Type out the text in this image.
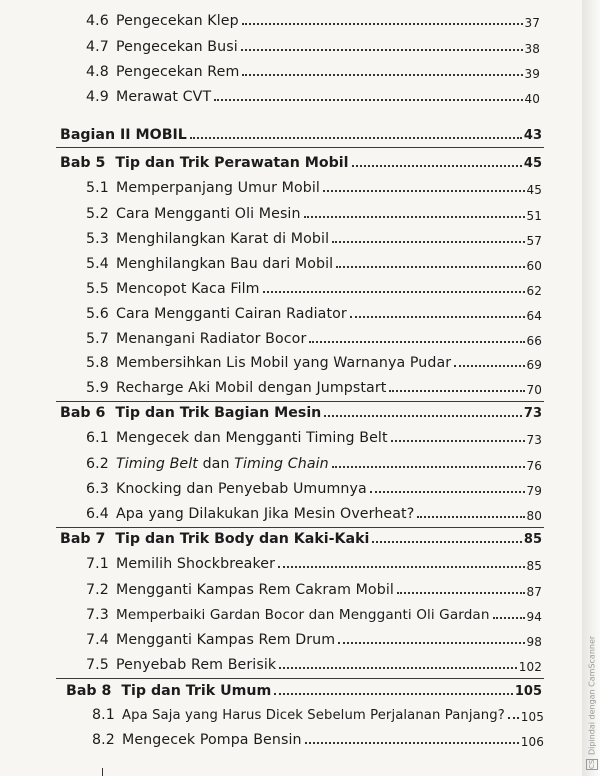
4.6 Pengecekan Klep	37
4.7 Pengecekan Busi	38
4.8 Pengecekan Rem	39
4.9 Merawat CVT	40
Bagian II MOBIL	43
Bab 5 Tip dan Trik Perawatan Mobil	45
5.1 Memperpanjang Umur Mobil	45
5.2 Cara Mengganti Oli Mesin	51
5.3 Menghilangkan Karat di Mobil	57
5.4 Menghilangkan Bau dari Mobil	60
5.5 Mencopot Kaca Film	62
5.6 Cara Mengganti Cairan Radiator	64
5.7 Menangani Radiator Bocor	66
5.8 Membersihkan Lis Mobil yang Warnanya Pudar	69
5.9 Recharge Aki Mobil dengan Jumpstart	70
Bab 6 Tip dan Trik Bagian Mesin	73
6.1 Mengecek dan Mengganti Timing Belt	73
6.2 Timing Belt dan Timing Chain	76
6.3 Knocking dan Penyebab Umumnya	79
6.4 Apa yang Dilakukan Jika Mesin Overheat?	80
Bab 7 Tip dan Trik Body dan Kaki-Kaki	85
7.1 Memilih Shockbreaker	85
7.2 Mengganti Kampas Rem Cakram Mobil	87
7.3 Memperbaiki Gardan Bocor dan Mengganti Oli Gardan	94
7.4 Mengganti Kampas Rem Drum	98
7.5 Penyebab Rem Berisik	102
Bab 8 Tip dan Trik Umum	105
8.1 Apa Saja yang Harus Dicek Sebelum Perjalanan Panjang? 105
8.2 Mengecek Pompa Bensin	106
CS
Dipindai dengan CamScanner
